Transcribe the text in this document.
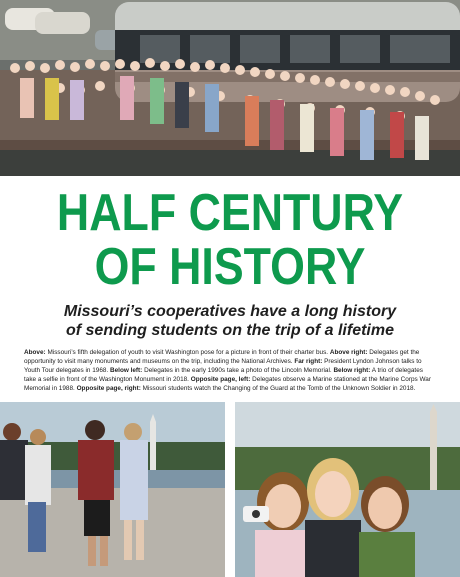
HALF CENTURY
OF HISTORY
Missouri’s cooperatives have a long history
of sending students on the trip of a lifetime
Above: Missouri’s fifth delegation of youth to visit Washington pose for a picture in front of their charter bus. Above right: Delegates get the opportunity to visit many monuments and museums on the trip, including the National Archives. Far right: President Lyndon Johnson talks to Youth Tour delegates in 1968. Below left: Delegates in the early 1990s take a photo of the Lincoln Memorial. Below right: A trio of delegates take a selfie in front of the Washington Monument in 2018. Opposite page, left: Delegates observe a Marine stationed at the Marine Corps War Memorial in 1988. Opposite page, right: Missouri students watch the Changing of the Guard at the Tomb of the Unknown Soldier in 2018.
